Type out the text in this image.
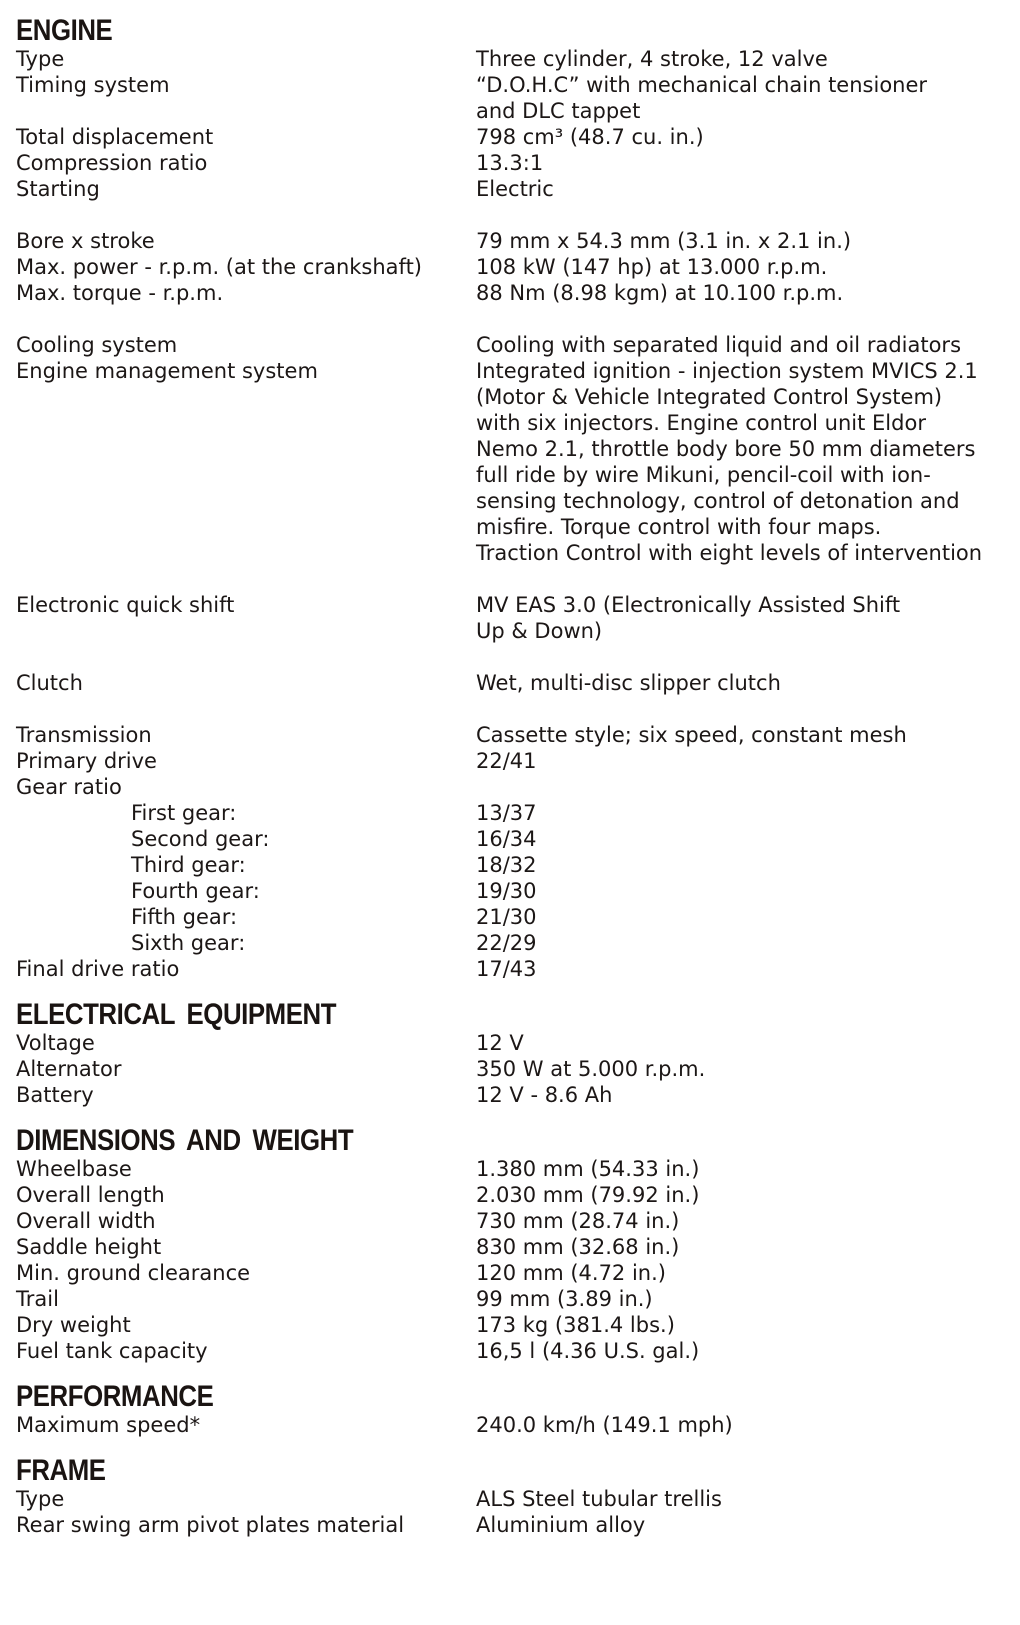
ENGINE
Type	Three cylinder, 4 stroke, 12 valve
Timing system	“D.O.H.C” with mechanical chain tensioner
and DLC tappet
Total displacement	798 cm³ (48.7 cu. in.)
Compression ratio	13.3:1
Starting	Electric
Bore x stroke	79 mm x 54.3 mm (3.1 in. x 2.1 in.)
Max. power - r.p.m. (at the crankshaft)	108 kW (147 hp) at 13.000 r.p.m.
Max. torque - r.p.m.	88 Nm (8.98 kgm) at 10.100 r.p.m.
Cooling system	Cooling with separated liquid and oil radiators
Engine management system	Integrated ignition - injection system MVICS 2.1
(Motor & Vehicle Integrated Control System)
with six injectors. Engine control unit Eldor
Nemo 2.1, throttle body bore 50 mm diameters
full ride by wire Mikuni, pencil-coil with ion-
sensing technology, control of detonation and
misfire. Torque control with four maps.
Traction Control with eight levels of intervention
Electronic quick shift	MV EAS 3.0 (Electronically Assisted Shift
Up & Down)
Clutch	Wet, multi-disc slipper clutch
Transmission	Cassette style; six speed, constant mesh
Primary drive	22/41
Gear ratio
First gear:	13/37
Second gear:	16/34
Third gear:	18/32
Fourth gear:	19/30
Fifth gear:	21/30
Sixth gear:	22/29
Final drive ratio	17/43
ELECTRICAL EQUIPMENT
Voltage	12 V
Alternator	350 W at 5.000 r.p.m.
Battery	12 V - 8.6 Ah
DIMENSIONS AND WEIGHT
Wheelbase	1.380 mm (54.33 in.)
Overall length	2.030 mm (79.92 in.)
Overall width	730 mm (28.74 in.)
Saddle height	830 mm (32.68 in.)
Min. ground clearance	120 mm (4.72 in.)
Trail	99 mm (3.89 in.)
Dry weight	173 kg (381.4 lbs.)
Fuel tank capacity	16,5 l (4.36 U.S. gal.)
PERFORMANCE
Maximum speed*	240.0 km/h (149.1 mph)
FRAME
Type	ALS Steel tubular trellis
Rear swing arm pivot plates material	Aluminium alloy
